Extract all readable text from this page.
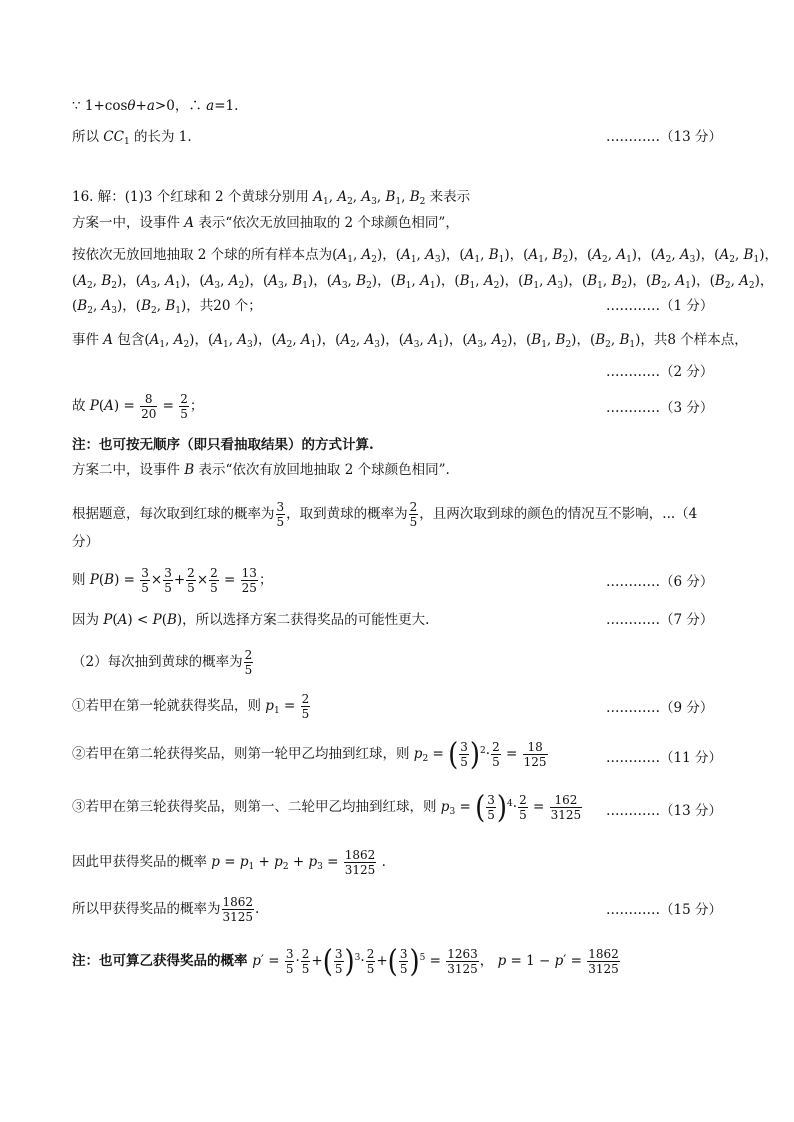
∵ 1+cosθ+a>0，∴ a=1.
所以 $CC_1$ 的长为 1.	…………（13 分）
16. 解：(1)3 个红球和 2 个黄球分别用 $A_1$, $A_2$, $A_3$, $B_1$, $B_2$ 来表示
方案一中，设事件 A 表示“依次无放回抽取的 2 个球颜色相同”，
按依次无放回地抽取 2 个球的所有样本点为($A_1$, $A_2$)，($A_1$, $A_3$)，($A_1$, $B_1$)，($A_1$, $B_2$)，($A_2$, $A_1$)，($A_2$, $A_3$)，($A_2$, $B_1$)，
($A_2$, $B_2$)，($A_3$, $A_1$)，($A_3$, $A_2$)，($A_3$, $B_1$)，($A_3$, $B_2$)，($B_1$, $A_1$)，($B_1$, $A_2$)，($B_1$, $A_3$)，($B_1$, $B_2$)，($B_2$, $A_1$)，($B_2$, $A_2$)，
($B_2$, $A_3$)，($B_2$, $B_1$)，共20 个；	…………（1 分）
事件 A 包含($A_1$, $A_2$)，($A_1$, $A_3$)，($A_2$, $A_1$)，($A_2$, $A_3$)，($A_3$, $A_1$)，($A_3$, $A_2$)，($B_1$, $B_2$)，($B_2$, $B_1$)，共8 个样本点，
…………（2 分）
故 $P(A) = \frac{8}{20} = \frac{2}{5}$ ；	…………（3 分）
注：也可按无顺序（即只看抽取结果）的方式计算.
方案二中，设事件 B 表示“依次有放回地抽取 2 个球颜色相同”.
根据题意，每次取到红球的概率为 $\frac{3}{5}$ ，取到黄球的概率为 $\frac{2}{5}$ ，且两次取到球的颜色的情况互不影响，...（4
分）
则 $P(B) = \frac{3}{5} \times \frac{3}{5} + \frac{2}{5} \times \frac{2}{5} = \frac{13}{25}$ ；	…………（6 分）
因为 P(A) < P(B)，所以选择方案二获得奖品的可能性更大.	…………（7 分）
（2）每次抽到黄球的概率为 $\frac{2}{5}$
①若甲在第一轮就获得奖品，则 $p_1 = \frac{2}{5}$	…………（9 分）
②若甲在第二轮获得奖品，则第一轮甲乙均抽到红球，则 $p_2$ = ( $\frac{3}{5} )^2\cdot \frac{2}{5} = \frac{18}{125}$	…………（11 分）
③若甲在第三轮获得奖品，则第一、二轮甲乙均抽到红球，则 $p_3$ = ( $\frac{3}{5} )^4\cdot \frac{2}{5} = \frac{162}{3125}$ …………（13 分）
因此甲获得奖品的概率 $p = p_1 + p_2 + p_3 = \frac{1862}{3125}$ .
所以甲获得奖品的概率为 $\frac{1862}{3125}$ .	…………（15 分）
注：也可算乙获得奖品的概率 $p' = \frac{3}{5} \cdot \frac{2}{5}$ +( $\frac{3}{5} )^3\cdot \frac{2}{5}$ +( $\frac{3}{5} )^5 = \frac{1263}{3125}$ ， $p = 1 - p' = \frac{1862}{3125}$
